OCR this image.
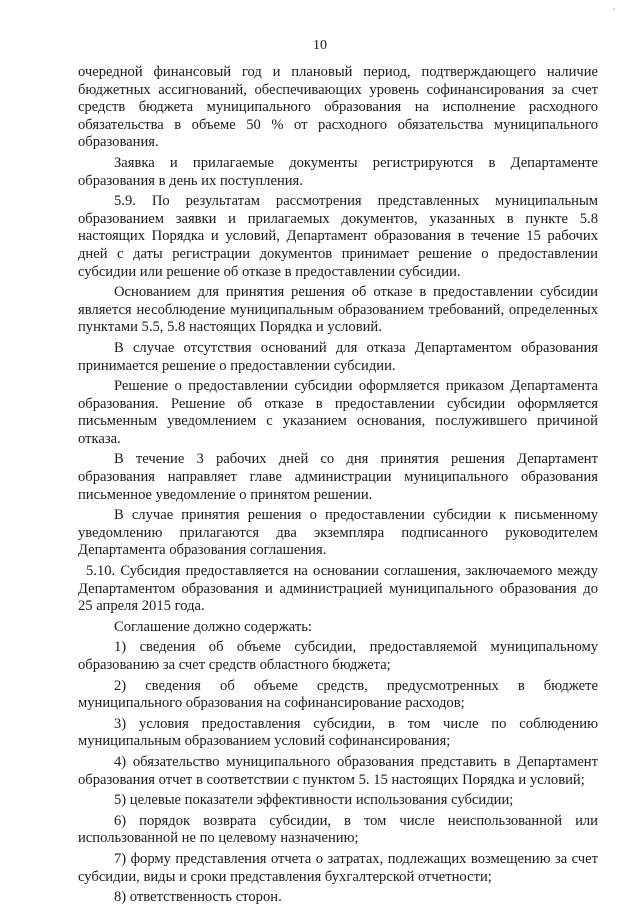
`
10

очередной финансовый год и плановый период, подтверждающего наличие бюджетных ассигнований, обеспечивающих уровень софинансирования за счет средств бюджета муниципального образования на исполнение расходного обязательства в объеме 50 % от расходного обязательства муниципального образования.

Заявка и прилагаемые документы регистрируются в Департаменте образования в день их поступления.

5.9. По результатам рассмотрения представленных муниципальным образованием заявки и прилагаемых документов, указанных в пункте 5.8 настоящих Порядка и условий, Департамент образования в течение 15 рабочих дней с даты регистрации документов принимает решение о предоставлении субсидии или решение об отказе в предоставлении субсидии.

Основанием для принятия решения об отказе в предоставлении субсидии является несоблюдение муниципальным образованием требований, определенных пунктами 5.5, 5.8 настоящих Порядка и условий.

В случае отсутствия оснований для отказа Департаментом образования принимается решение о предоставлении субсидии.

Решение о предоставлении субсидии оформляется приказом Департамента образования. Решение об отказе в предоставлении субсидии оформляется письменным уведомлением с указанием основания, послужившего причиной отказа.

В течение 3 рабочих дней со дня принятия решения Департамент образования направляет главе администрации муниципального образования письменное уведомление о принятом решении.

В случае принятия решения о предоставлении субсидии к письменному уведомлению прилагаются два экземпляра подписанного руководителем Департамента образования соглашения.

5.10. Субсидия предоставляется на основании соглашения, заключаемого между Департаментом образования и администрацией муниципального образования до 25 апреля 2015 года.

Соглашение должно содержать:

1) сведения об объеме субсидии, предоставляемой муниципальному образованию за счет средств областного бюджета;

2) сведения об объеме средств, предусмотренных в бюджете муниципального образования на софинансирование расходов;

3) условия предоставления субсидии, в том числе по соблюдению муниципальным образованием условий софинансирования;

4) обязательство муниципального образования представить в Департамент образования отчет в соответствии с пунктом 5. 15 настоящих Порядка и условий;

5) целевые показатели эффективности использования субсидии;

6) порядок возврата субсидии, в том числе неиспользованной или использованной не по целевому назначению;

7) форму представления отчета о затратах, подлежащих возмещению за счет субсидии, виды и сроки представления бухгалтерской отчетности;

8) ответственность сторон.
